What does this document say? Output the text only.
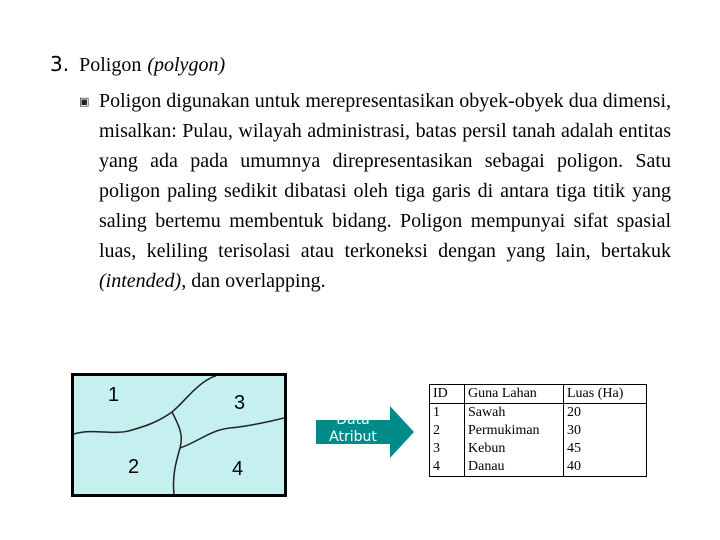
3. Poligon (polygon)
▣ Poligon digunakan untuk merepresentasikan obyek-obyek dua dimensi, misalkan: Pulau, wilayah administrasi, batas persil tanah adalah entitas yang ada pada umumnya direpresentasikan sebagai poligon. Satu poligon paling sedikit dibatasi oleh tiga garis di antara tiga titik yang saling bertemu membentuk bidang. Poligon mempunyai sifat spasial luas, keliling terisolasi atau terkoneksi dengan yang lain, bertakuk (intended), dan overlapping.
1
2
3
4
Data
Atribut
ID	Guna Lahan	Luas (Ha)
1	Sawah	20
2	Permukiman	30
3	Kebun	45
4	Danau	40
